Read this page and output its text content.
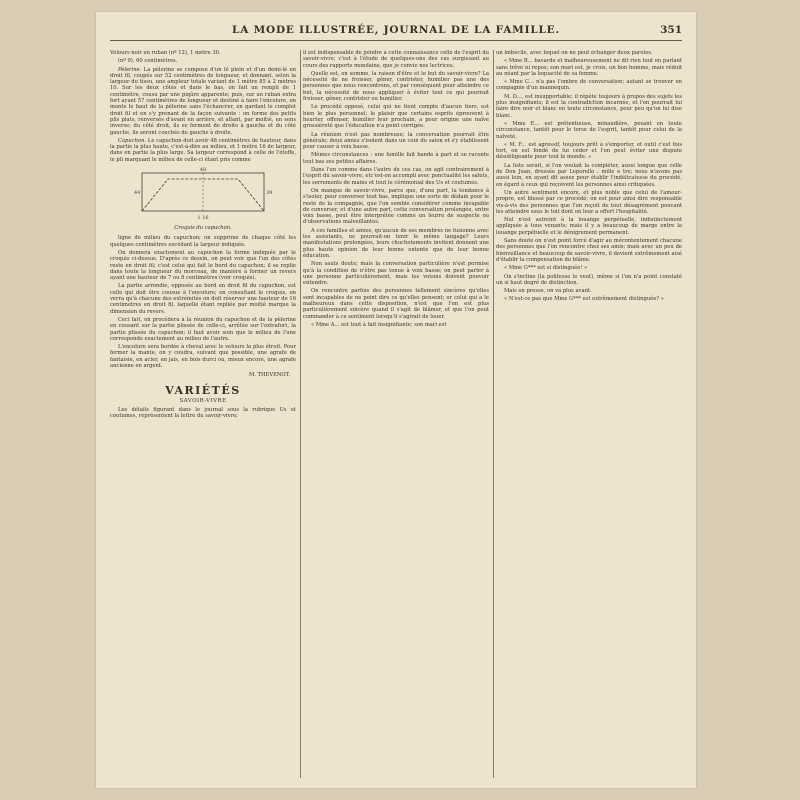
LA MODE ILLUSTRÉE, JOURNAL DE LA FAMILLE.	351

Velours noir en ruban (nº 12), 1 mètre 30.

(nº 9), 60 centimètres.

Pèlerine. La pèlerine se compose d'un lé plein et d'un demi-lé en droit fil, coupés sur 52 centimètres de longueur, et donnant, selon la largeur du tissu, une ampleur totale variant de 1 mètre 85 à 2 mètres 10. Sur les deux côtés et dans le bas, on fait un rempli de 1 centimètre, cousu par une piqûre apparente; puis, sur un ruban extra fort ayant 57 centimètres de longueur et destiné à faire l'encolure, on monte le haut de la pèlerine sans l'échancrer, en gardant le complet droit fil et en s'y prenant de la façon suivante : on forme des petits plis plats, renversés d'avant en arrière, et allant, par moitié, en sens inverse; du côté droit, ils se ferment de droite à gauche et du côté gauche, ils seront couchés de gauche à droite.

Capuchon. Le capuchon doit avoir 48 centimètres de hauteur, dans la partie la plus haute, c'est-à-dire au milieu, et 1 mètre 16 de largeur, dans en partie la plus large. Sa largeur correspond à celle de l'étoffe, le pli marquant le milieu de celle-ci étant pris comme

48
44	39
1 16
Croquis du capuchon.

ligne de milieu du capuchon; on supprime de chaque côté les quelques centimètres excédant la largeur indiquée.

On donnera exactement au capuchon la forme indiquée par le croquis ci-dessus. D'après ce dessin, on peut voir que l'un des côtés reste en droit fil; c'est celui qui fait le bord du capuchon; il se replie dans toute la longueur du morceau, de manière à former un revers ayant une hauteur de 7 ou 8 centimètres (voir croquis).

La partie arrondie, opposée au bord en droit fil du capuchon, est celle qui doit être cousue à l'encolure; en consultant le croquis, on verra qu'à chacune des extrémités on doit réserver une hauteur de 16 centimètres en droit fil, laquelle étant repliée par moitié marque la dimension du revers.

Ceci fait, on procédera à la réunion du capuchon et de la pèlerine en cousant sur la partie plissée de celle-ci, arrêtée sur l'extrafort, la partie plissée du capuchon; il faut avoir soin que le milieu de l'une corresponde exactement au milieu de l'autre.

L'encolure sera bordée à cheval avec le velours la plus étroit. Pour fermer la mante, on y coudra, suivant que possible, une agrafe de fantaisie, en acier, en jais, en bois durci ou, mieux encore, une agrafe ancienne en argent.

M. THEVENOT.
VARIÉTÉS
SAVOIR-VIVRE

Les détails figurant dans le journal sous la rubrique Us et coutumes, représentent la lettre du savoir-vivre;

il est indispensable de joindre à cette connaissance celle de l'esprit du savoir-vivre; c'est à l'étude de quelques-uns des cas surgissant au cours des rapports mondains, que je convie nos lectrices.

Quelle est, en somme, la raison d'être et le but du savoir-vivre? La nécessité de ne froisser, gêner, contrister, humilier pas une des personnes que nous rencontrons, et par conséquent pour atteindre ce but, la nécessité de nous appliquer à éviter tout ce qui pourrait froisser, gêner, contrister ou humilier.

Le procédé opposé, celui qui ne tient compte d'aucun tiers, est bien le plus personnel; le plaisir que certains esprits éprouvent à heurter, offenser, humilier leur prochain, a pour origine une naïve grossièreté que l'éducation n'a point corrigée.

La réunion n'est pas nombreuse; la conversation pourrait être générale; deux amies s'isolent dans un coin du salon et s'y établissent pour causer à voix basse.

Mêmes circonstances : une famille fait bande à part et se raconte tout bas ses petites affaires.

Dans l'un comme dans l'autre de ces cas, on agit contrairement à l'esprit du savoir-vivre, etc'est-on accompli avec ponctualité les saluts, les serrements de mains et tout le cérémonial des Us et coutumes.

On manque de savoir-vivre, parce que, d'une part, la tendance à s'isoler, pour converser tout bas, implique une sorte de dédain pour le reste de la compagnie, que l'on semble considérer comme incapable de converser, et d'une autre part, cette conversation prolongée, entre voix basse, peut être interprétée comme un leurre de suspecte ou d'observations malveillantes.

A ces familles et amies, qu'aucun de ses membres ne fusionne avec les assistants, ne pourrait-on tenir le même langage? Leurs manifestations prolongées, leurs chuchotements invitent donnent une plus haute opinion de leur bonne entente que de leur bonne éducation.

Non sauts doute; mais la conversation particulière n'est permise qu'à la condition de n'être pas tenue à voix basse; on peut parler à une personne particulièrement, mais les voisins doivent pouvoir entendre.

On rencontre parfois des personnes tellement sincères qu'elles sont incapables de ne point dire ce qu'elles pensent; or celui qui a le malheureux dans cette disposition, n'est que l'on est plus particulièrement sincère quand il s'agit de blâmer, et que l'on peut commander à ce sentiment lorsqu'il s'agirait de louer.

« Mme A... est tout à fait insignifiante; son mari est

un imbécile, avec lequel on ne peut échanger deux paroles.

« Mme B... bavarde et malheureusement ne dit rien tout en parlant sans trêve ni repos; son mari est, je crois, un bon homme, mais réduit au néant par la loquacité de sa femme.

« Mme C... n'a pas l'ombre de conversation; autant se trouver en compagnie d'un mannequin.

M. D..., est insupportable; il répète toujours à propos des sujets les plus insignifiants; il est la contradiction incarnée, et l'on pourrait lui faire dire noir et blanc en toute circonstance, pour peu qu'on lui dise blanc.

« Mme E... est prétentieuse, minaudière, posant en toute circonstance, tantôt pour le torse de l'esprit, tantôt pour celui de la naïveté.

« M. F... est agressif, toujours prêt à s'emporter, et outil c'est fois tort, on est fondé de lui céder et l'on peut éviter une dispute désobligeante pour tout le monde. »

La liste serait, si l'on voulait la compléter, aussi longue que celle de Don Juan, dressée par Leporello : mille e tre; nous n'avons pas aussi loin, en ayant dit assez pour établir l'indélicatesse du procédé, en égard à ceux qui reçoivent les personnes ainsi critiquées.

Un autre sentiment encore, et plus noble que celui de l'amour-propre, est blessé par ce procédé; on est pour ainsi dire responsable vis-à-vis des personnes que l'on reçoit de tout désagrément pouvant les atteindre sous le toit dont on leur a offert l'hospitalité.

Nul n'est astreint à la louange perpétuelle, indistinctement appliquée à tous venants; mais il y a beaucoup de marge entre la louange perpétuelle et le dénigrement permanent.

Sans doute on n'est point forcé d'agir au mécontentement chacune des personnes que l'on rencontre chez ses amis; mais avec un peu de bienveillance et beaucoup de savoir-vivre, il devient extrêmement aisé d'établir la compensation du blâme.

« Mme G*** est si distinguée! »

On s'incline (la politesse le veut), même si l'on n'a point constaté un si haut degré de distinction.

Mais on presse, on va plus avant.

« N'est-ce pas que Mme G*** est extrêmement distinguée? »
